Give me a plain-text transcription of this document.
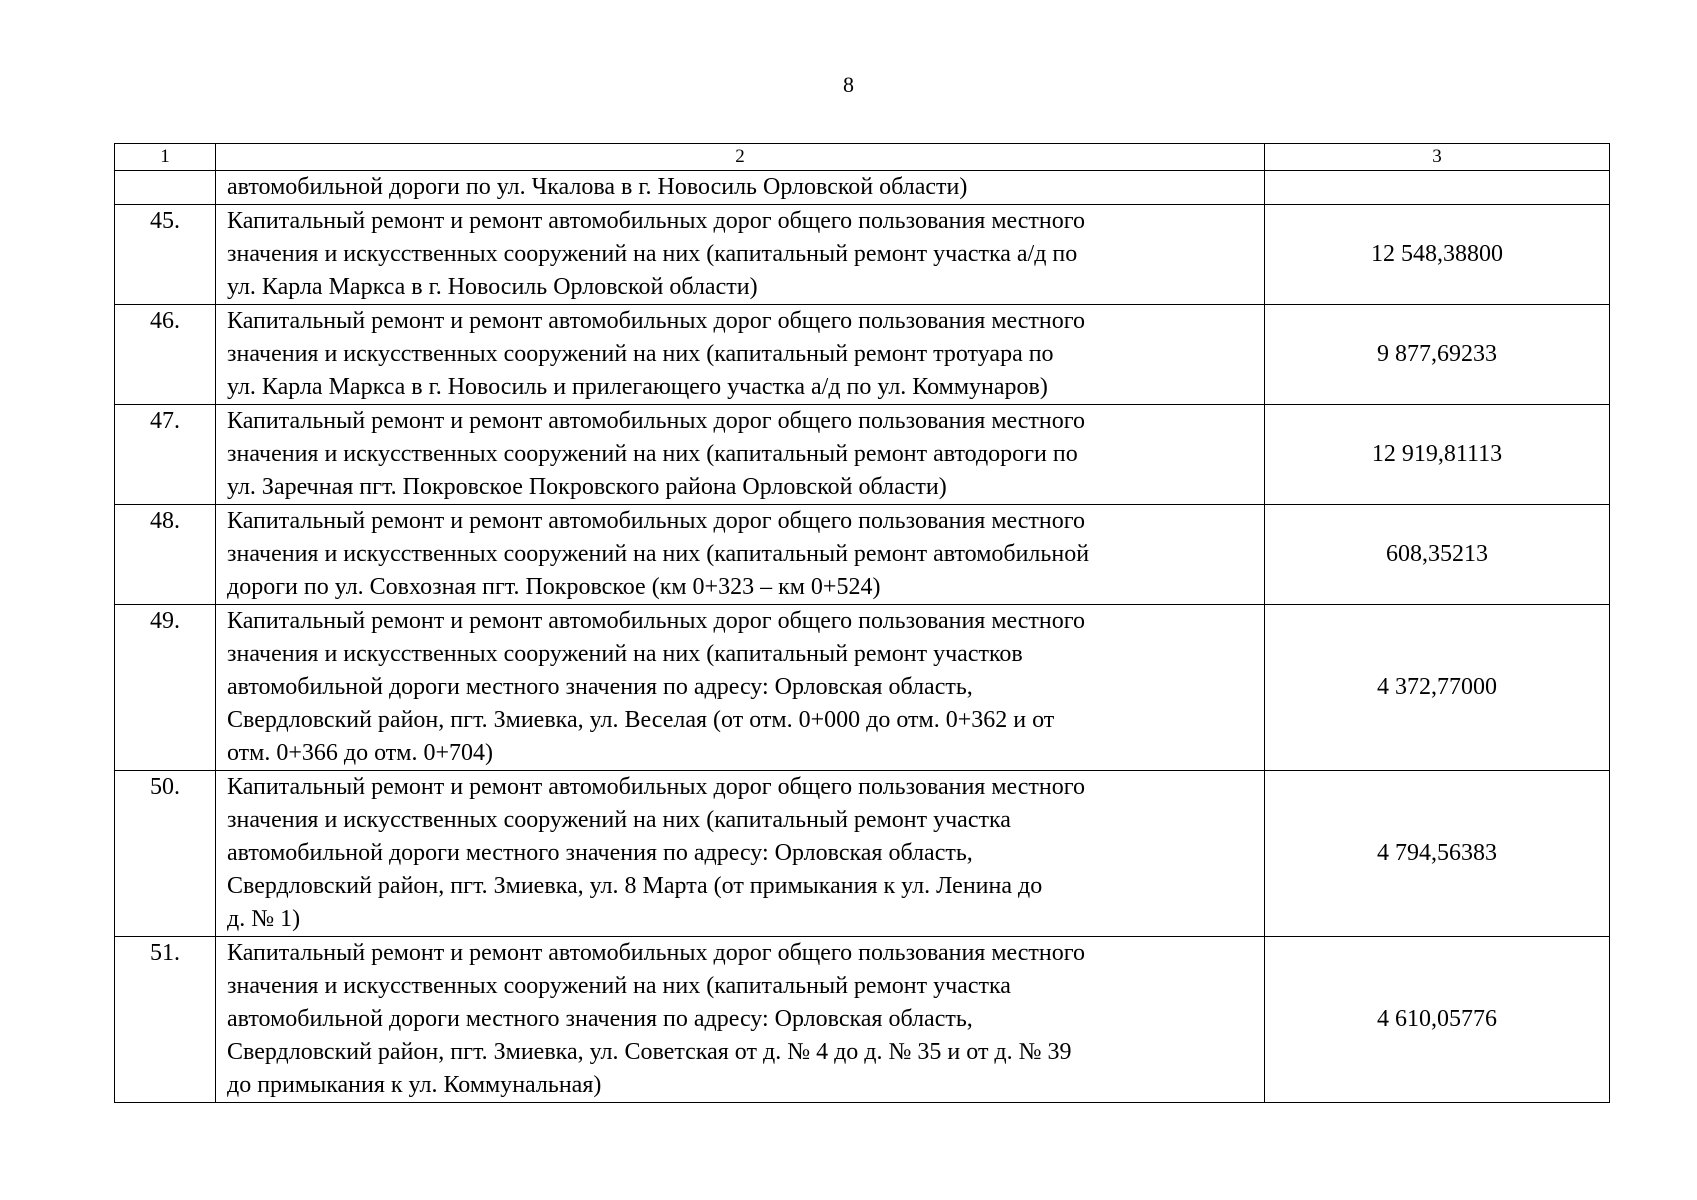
8
1	2	3
	автомобильной дороги по ул. Чкалова в г. Новосиль Орловской области)	
45.	Капитальный ремонт и ремонт автомобильных дорог общего пользования местного
значения и искусственных сооружений на них (капитальный ремонт участка а/д по
ул. Карла Маркса в г. Новосиль Орловской области)	12 548,38800
46.	Капитальный ремонт и ремонт автомобильных дорог общего пользования местного
значения и искусственных сооружений на них (капитальный ремонт тротуара по
ул. Карла Маркса в г. Новосиль и прилегающего участка а/д по ул. Коммунаров)	9 877,69233
47.	Капитальный ремонт и ремонт автомобильных дорог общего пользования местного
значения и искусственных сооружений на них (капитальный ремонт автодороги по
ул. Заречная пгт. Покровское Покровского района Орловской области)	12 919,81113
48.	Капитальный ремонт и ремонт автомобильных дорог общего пользования местного
значения и искусственных сооружений на них (капитальный ремонт автомобильной
дороги по ул. Совхозная пгт. Покровское (км 0+323 – км 0+524)	608,35213
49.	Капитальный ремонт и ремонт автомобильных дорог общего пользования местного
значения и искусственных сооружений на них (капитальный ремонт участков
автомобильной дороги местного значения по адресу: Орловская область,
Свердловский район, пгт. Змиевка, ул. Веселая (от отм. 0+000 до отм. 0+362 и от
отм. 0+366 до отм. 0+704)	4 372,77000
50.	Капитальный ремонт и ремонт автомобильных дорог общего пользования местного
значения и искусственных сооружений на них (капитальный ремонт участка
автомобильной дороги местного значения по адресу: Орловская область,
Свердловский район, пгт. Змиевка, ул. 8 Марта (от примыкания к ул. Ленина до
д. № 1)	4 794,56383
51.	Капитальный ремонт и ремонт автомобильных дорог общего пользования местного
значения и искусственных сооружений на них (капитальный ремонт участка
автомобильной дороги местного значения по адресу: Орловская область,
Свердловский район, пгт. Змиевка, ул. Советская от д. № 4 до д. № 35 и от д. № 39
до примыкания к ул. Коммунальная)	4 610,05776
